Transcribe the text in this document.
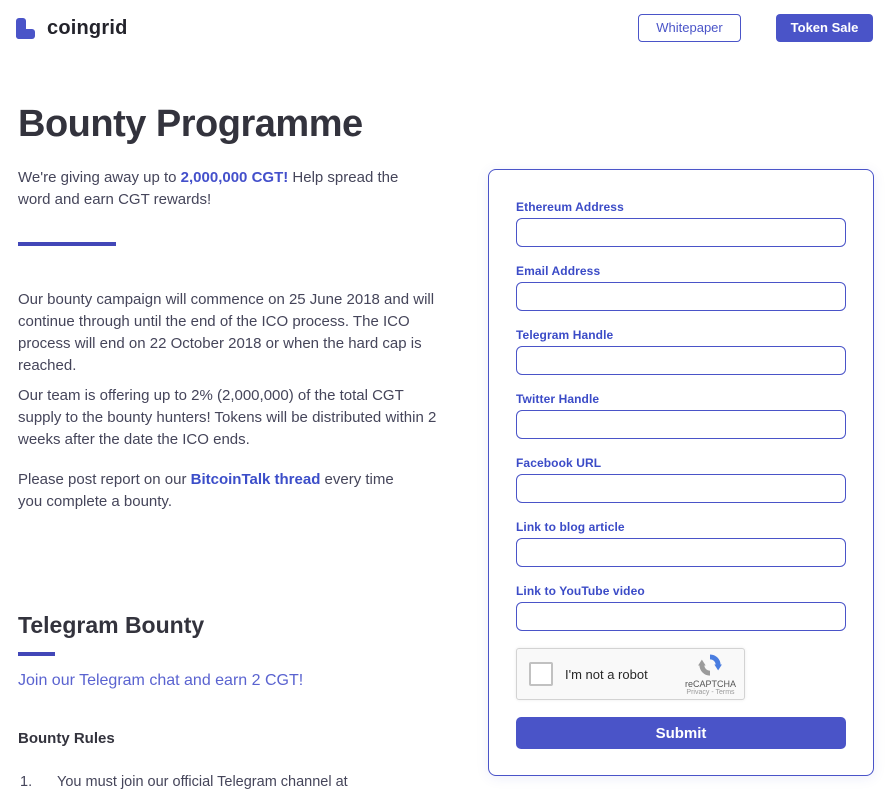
coingrid	Whitepaper	Token Sale
Bounty Programme

We're giving away up to 2,000,000 CGT! Help spread the word and earn CGT rewards!

Our bounty campaign will commence on 25 June 2018 and will continue through until the end of the ICO process. The ICO process will end on 22 October 2018 or when the hard cap is reached.

Our team is offering up to 2% (2,000,000) of the total CGT supply to the bounty hunters! Tokens will be distributed within 2 weeks after the date the ICO ends.

Please post report on our BitcoinTalk thread every time you complete a bounty.

Telegram Bounty
Join our Telegram chat and earn 2 CGT!
Bounty Rules
1.	You must join our official Telegram channel at
Ethereum Address
Email Address
Telegram Handle
Twitter Handle
Facebook URL
Link to blog article
Link to YouTube video
I'm not a robot
reCAPTCHA
Privacy - Terms
Submit
